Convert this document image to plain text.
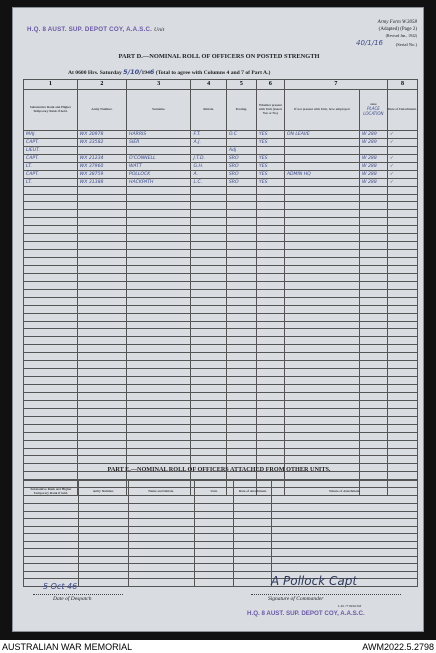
H.Q. 8 AUST. SUP. DEPOT COY, A.A.S.C. Unit
Army Form W.3058
(Adapted) (Page 2)
(Revised Jan., 1942)
40/1/16	(Serial No.)
PART D.—NOMINAL ROLL OF OFFICERS ON POSTED STRENGTH
At 0600 Hrs. Saturday 5/10/1946 (Total to agree with Columns 4 and 7 of Part A.)
1	2	3	4	5	6	7		8
Substantive Rank and Higher Temporary Rank if held.	Army Number.	Surname.	Initials.	Posting.	Whether present with Unit (insert Yes or No)	If not present with Unit, how employed	state
PLACE
LOCATION	Date of Detachment.
MAJ.	WX 30978	HARRIS	F.T.	O.C	YES	ON LEAVE	W 289	✓
CAPT.	WX 33582	SIER	A.J.		YES		W 289	✓
LIEUT.				Adj				
CAPT.	WX 21234	O'CONNELL	J.T.D.	SRO	YES		W 288	✓
LT.	WX 37960	WATT	G.H.	SRO	YES		W 288	✓
CAPT.	WX 38759	POLLOCK	A.	SRO	YES	ADMIN HQ	W 288	✓
LT.	WX 31388	HACKPATH	L.C.	SRO	YES		W 288	✓

PART E.—NOMINAL ROLL OF OFFICERS ATTACHED FROM OTHER UNITS.
Substantive Rank and Higher Temporary Rank if held.	Army Number.	Name and Initials.	Unit.	Date of Attachment.	Nature of Attachment.

5 Oct 46
Date of Despatch
A Pollock Capt
Signature of Commander
L.M. 7718/40-5M
H.Q. 8 AUST. SUP. DEPOT COY, A.A.S.C.
AUSTRALIAN WAR MEMORIAL	AWM2022.5.2798
